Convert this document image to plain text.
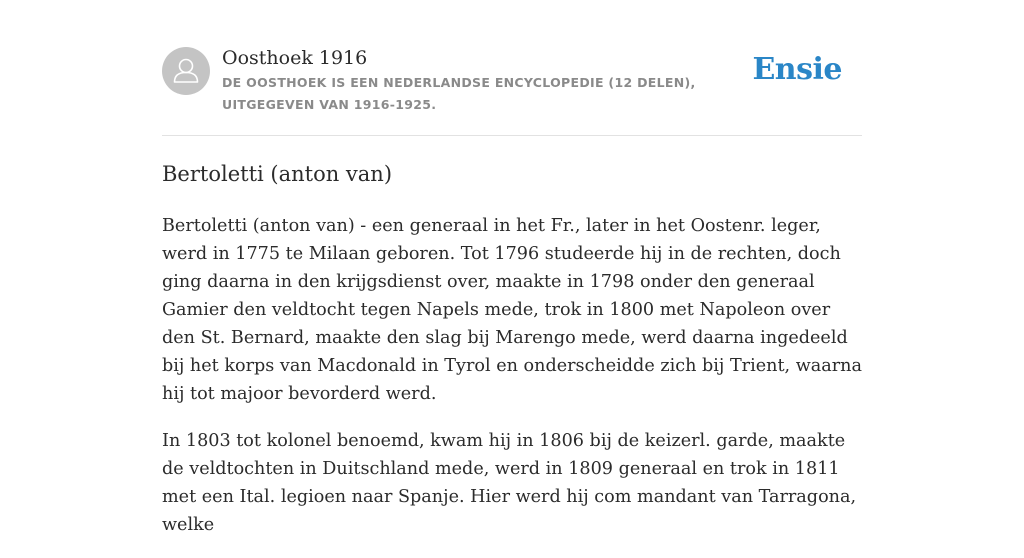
Oosthoek 1916
DE OOSTHOEK IS EEN NEDERLANDSE ENCYCLOPEDIE (12 DELEN), UITGEGEVEN VAN 1916-1925.
Ensie
Bertoletti (anton van)

Bertoletti (anton van) - een generaal in het Fr., later in het Oostenr. leger, werd in 1775 te Milaan geboren. Tot 1796 studeerde hij in de rechten, doch ging daarna in den krijgsdienst over, maakte in 1798 onder den generaal Gamier den veldtocht tegen Napels mede, trok in 1800 met Napoleon over den St. Bernard, maakte den slag bij Marengo mede, werd daarna ingedeeld bij het korps van Macdonald in Tyrol en onderscheidde zich bij Trient, waarna hij tot majoor bevorderd werd.

In 1803 tot kolonel benoemd, kwam hij in 1806 bij de keizerl. garde, maakte de veldtochten in Duitschland mede, werd in 1809 generaal en trok in 1811 met een Ital. legioen naar Spanje. Hier werd hij com mandant van Tarragona, welke
